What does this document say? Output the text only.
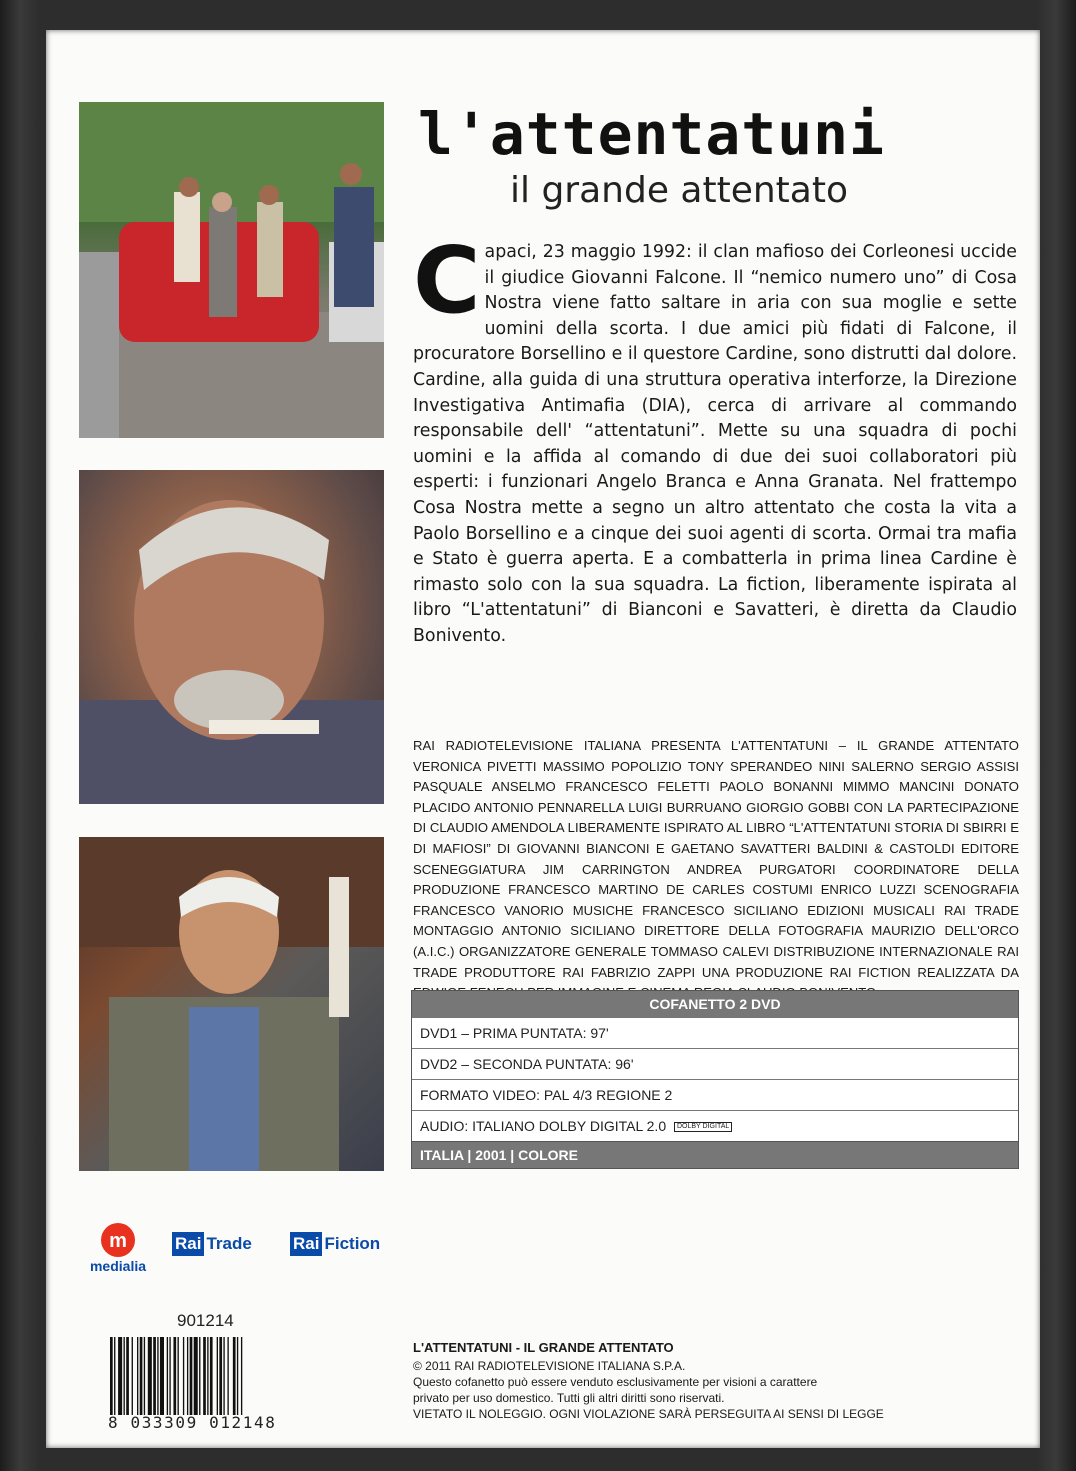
l'attentatuni
il grande attentato
Capaci, 23 maggio 1992: il clan mafioso dei Corleonesi uccide il giudice Giovanni Falcone. Il “nemico numero uno” di Cosa Nostra viene fatto saltare in aria con sua moglie e sette uomini della scorta. I due amici più fidati di Falcone, il procuratore Borsellino e il questore Cardine, sono distrutti dal dolore. Cardine, alla guida di una struttura operativa interforze, la Direzione Investigativa Antimafia (DIA), cerca di arrivare al commando responsabile dell' “attentatuni”. Mette su una squadra di pochi uomini e la affida al comando di due dei suoi collaboratori più esperti: i funzionari Angelo Branca e Anna Granata. Nel frattempo Cosa Nostra mette a segno un altro attentato che costa la vita a Paolo Borsellino e a cinque dei suoi agenti di scorta. Ormai tra mafia e Stato è guerra aperta. E a combatterla in prima linea Cardine è rimasto solo con la sua squadra. La fiction, liberamente ispirata al libro “L'attentatuni” di Bianconi e Savatteri, è diretta da Claudio Bonivento.
RAI RADIOTELEVISIONE ITALIANA PRESENTA L'ATTENTATUNI – IL GRANDE ATTENTATO VERONICA PIVETTI MASSIMO POPOLIZIO TONY SPERANDEO NINI SALERNO SERGIO ASSISI PASQUALE ANSELMO FRANCESCO FELETTI PAOLO BONANNI MIMMO MANCINI DONATO PLACIDO ANTONIO PENNARELLA LUIGI BURRUANO GIORGIO GOBBI CON LA PARTECIPAZIONE DI CLAUDIO AMENDOLA LIBERAMENTE ISPIRATO AL LIBRO “L'ATTENTATUNI STORIA DI SBIRRI E DI MAFIOSI” DI GIOVANNI BIANCONI E GAETANO SAVATTERI BALDINI & CASTOLDI EDITORE SCENEGGIATURA JIM CARRINGTON ANDREA PURGATORI COORDINATORE DELLA PRODUZIONE FRANCESCO MARTINO DE CARLES COSTUMI ENRICO LUZZI SCENOGRAFIA FRANCESCO VANORIO MUSICHE FRANCESCO SICILIANO EDIZIONI MUSICALI RAI TRADE MONTAGGIO ANTONIO SICILIANO DIRETTORE DELLA FOTOGRAFIA MAURIZIO DELL'ORCO (A.I.C.) ORGANIZZATORE GENERALE TOMMASO CALEVI DISTRIBUZIONE INTERNAZIONALE RAI TRADE PRODUTTORE RAI FABRIZIO ZAPPI UNA PRODUZIONE RAI FICTION REALIZZATA DA
COFANETTO 2 DVD
DVD1 – PRIMA PUNTATA: 97'
DVD2 – SECONDA PUNTATA: 96'
FORMATO VIDEO: PAL 4/3 REGIONE 2
AUDIO: ITALIANO DOLBY DIGITAL 2.0 DOLBY DIGITAL
ITALIA | 2001 | COLORE
m
medialia
Rai Trade	Rai Fiction
901214
8 033309 012148
L'ATTENTATUNI - IL GRANDE ATTENTATO
© 2011 RAI RADIOTELEVISIONE ITALIANA S.P.A.
Questo cofanetto può essere venduto esclusivamente per visioni a carattere
privato per uso domestico. Tutti gli altri diritti sono riservati.
VIETATO IL NOLEGGIO. OGNI VIOLAZIONE SARÀ PERSEGUITA AI SENSI DI LEGGE
